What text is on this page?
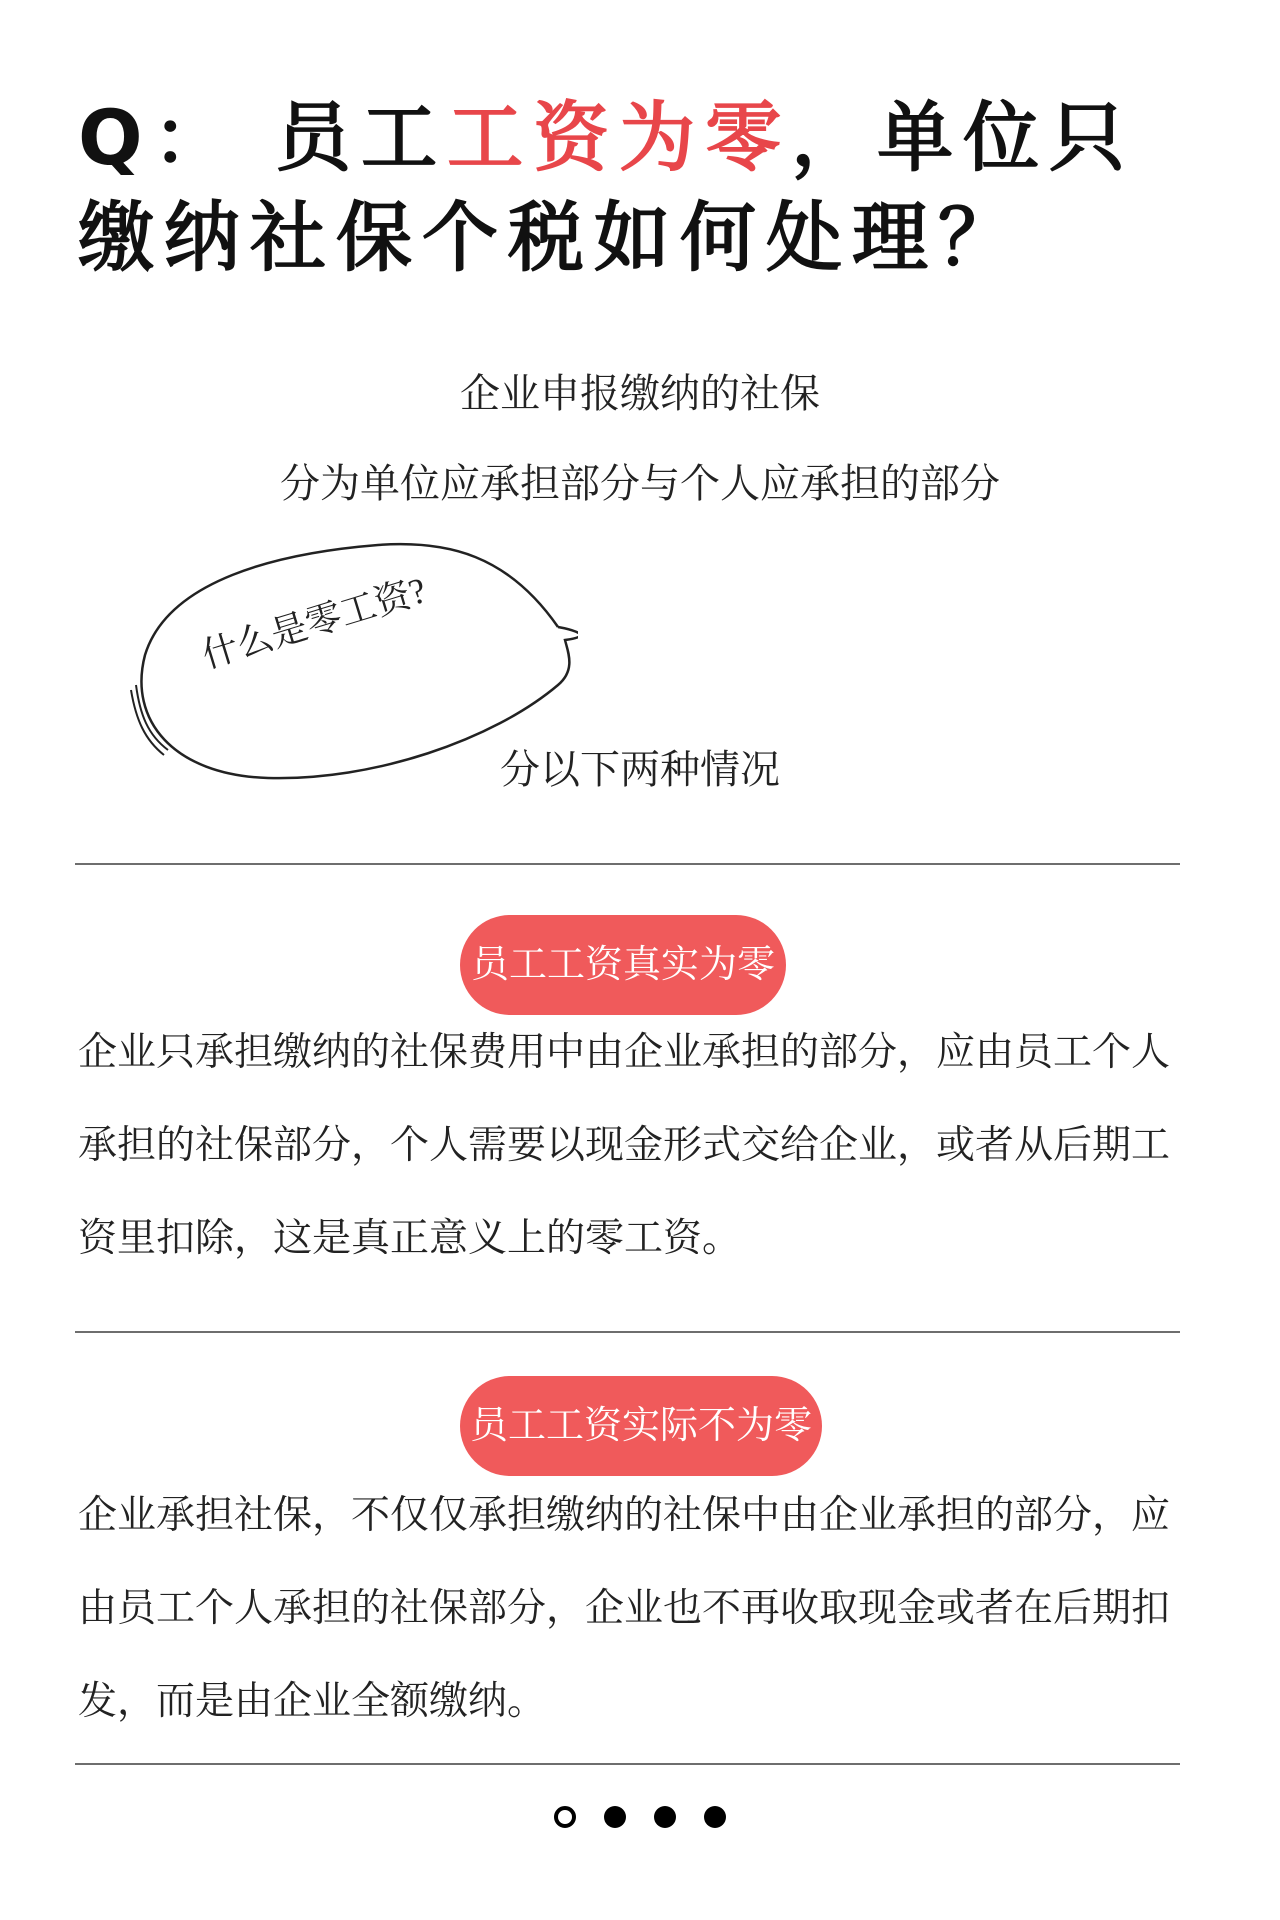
Q： 员工工资为零，单位只缴纳社保个税如何处理？
企业申报缴纳的社保
分为单位应承担部分与个人应承担的部分
什么是零工资?
分以下两种情况
员工工资真实为零
企业只承担缴纳的社保费用中由企业承担的部分，应由员工个人承担的社保部分，个人需要以现金形式交给企业，或者从后期工资里扣除，这是真正意义上的零工资。
员工工资实际不为零
企业承担社保，不仅仅承担缴纳的社保中由企业承担的部分，应由员工个人承担的社保部分，企业也不再收取现金或者在后期扣发，而是由企业全额缴纳。
